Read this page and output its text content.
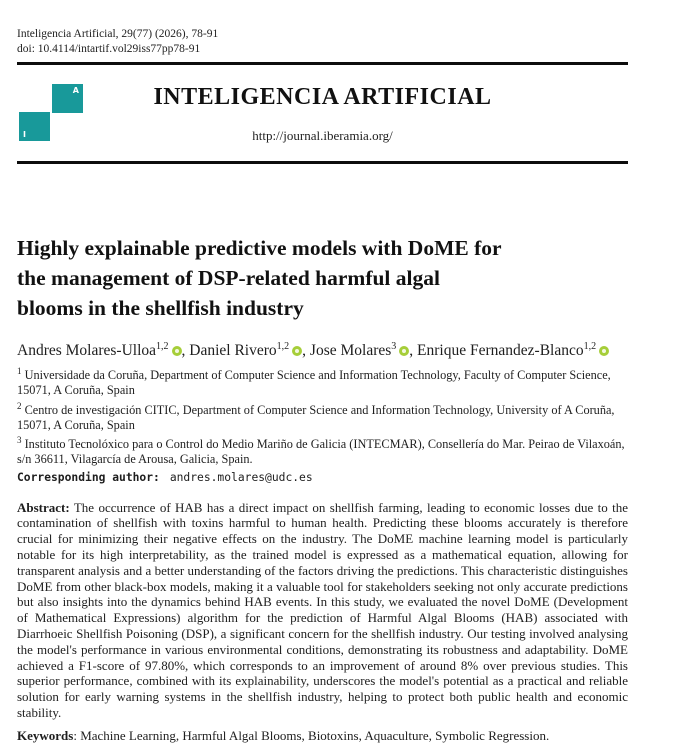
Inteligencia Artificial, 29(77) (2026), 78-91
doi: 10.4114/intartif.vol29iss77pp78-91
A
I
INTELIGENCIA ARTIFICIAL
http://journal.iberamia.org/
Highly explainable predictive models with DoME for
the management of DSP-related harmful algal
blooms in the shellfish industry
Andres Molares-Ulloa$^{1,2}$ , Daniel Rivero$^{1,2}$ , Jose Molares$^3$ , Enrique Fernandez-Blanco$^{1,2}$
$^1$ Universidade da Coruña, Department of Computer Science and Information Technology, Faculty of Computer Science, 15071, A Coruña, Spain
$^2$ Centro de investigación CITIC, Department of Computer Science and Information Technology, University of A Coruña, 15071, A Coruña, Spain
$^3$ Instituto Tecnolóxico para o Control do Medio Mariño de Galicia (INTECMAR), Consellería do Mar. Peirao de Vilaxoán, s/n 36611, Vilagarcía de Arousa, Galicia, Spain.
Corresponding author: andres.molares@udc.es
Abstract: The occurrence of HAB has a direct impact on shellfish farming, leading to economic losses due to the contamination of shellfish with toxins harmful to human health. Predicting these blooms accurately is therefore crucial for minimizing their negative effects on the industry. The DoME machine learning model is particularly notable for its high interpretability, as the trained model is expressed as a mathematical equation, allowing for transparent analysis and a better understanding of the factors driving the predictions. This characteristic distinguishes DoME from other black-box models, making it a valuable tool for stakeholders seeking not only accurate predictions but also insights into the dynamics behind HAB events. In this study, we evaluated the novel DoME (Development of Mathematical Expressions) algorithm for the prediction of Harmful Algal Blooms (HAB) associated with Diarrhoeic Shellfish Poisoning (DSP), a significant concern for the shellfish industry. Our testing involved analysing the model's performance in various environmental conditions, demonstrating its robustness and adaptability. DoME achieved a F1-score of 97.80%, which corresponds to an improvement of around 8% over previous studies. This superior performance, combined with its explainability, underscores the model's potential as a practical and reliable solution for early warning systems in the shellfish industry, helping to protect both public health and economic stability.
Keywords: Machine Learning, Harmful Algal Blooms, Biotoxins, Aquaculture, Symbolic Regression.
